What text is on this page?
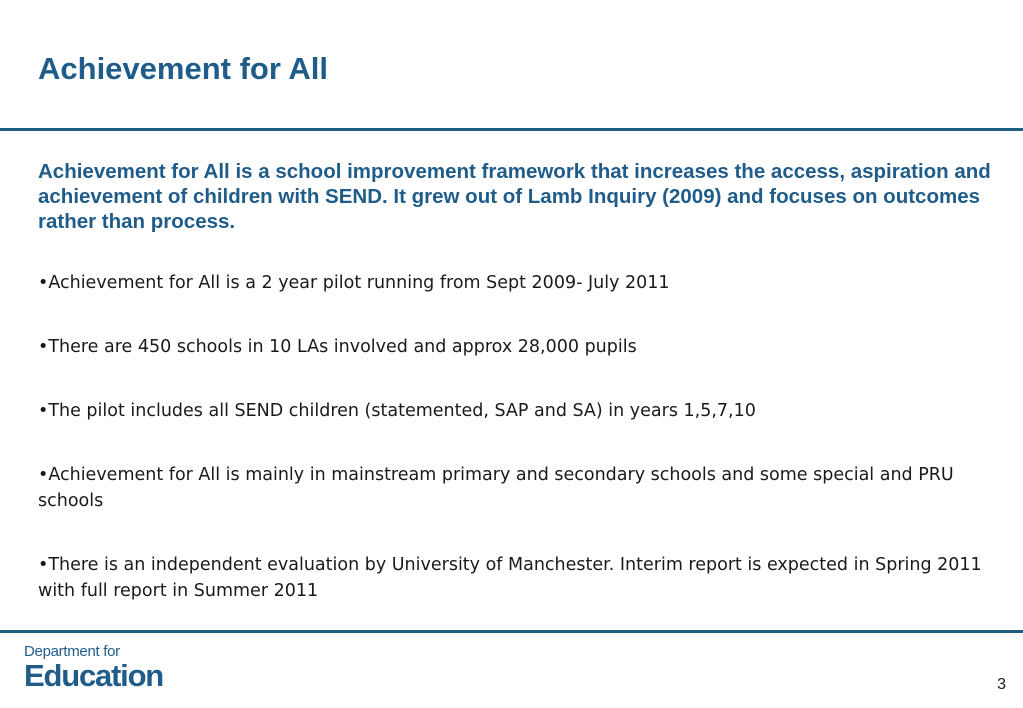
Achievement for All

Achievement for All is a school improvement framework that increases the access, aspiration and achievement of children with SEND. It grew out of Lamb Inquiry (2009) and focuses on outcomes rather than process.

•Achievement for All is a 2 year pilot running from Sept 2009- July 2011
•There are 450 schools in 10 LAs involved and approx 28,000 pupils
•The pilot includes all SEND children (statemented, SAP and SA) in years 1,5,7,10
•Achievement for All is mainly in mainstream primary and secondary schools and some special and PRU schools
•There is an independent evaluation by University of Manchester. Interim report is expected in Spring 2011 with full report in Summer 2011
Department for
Education	3
